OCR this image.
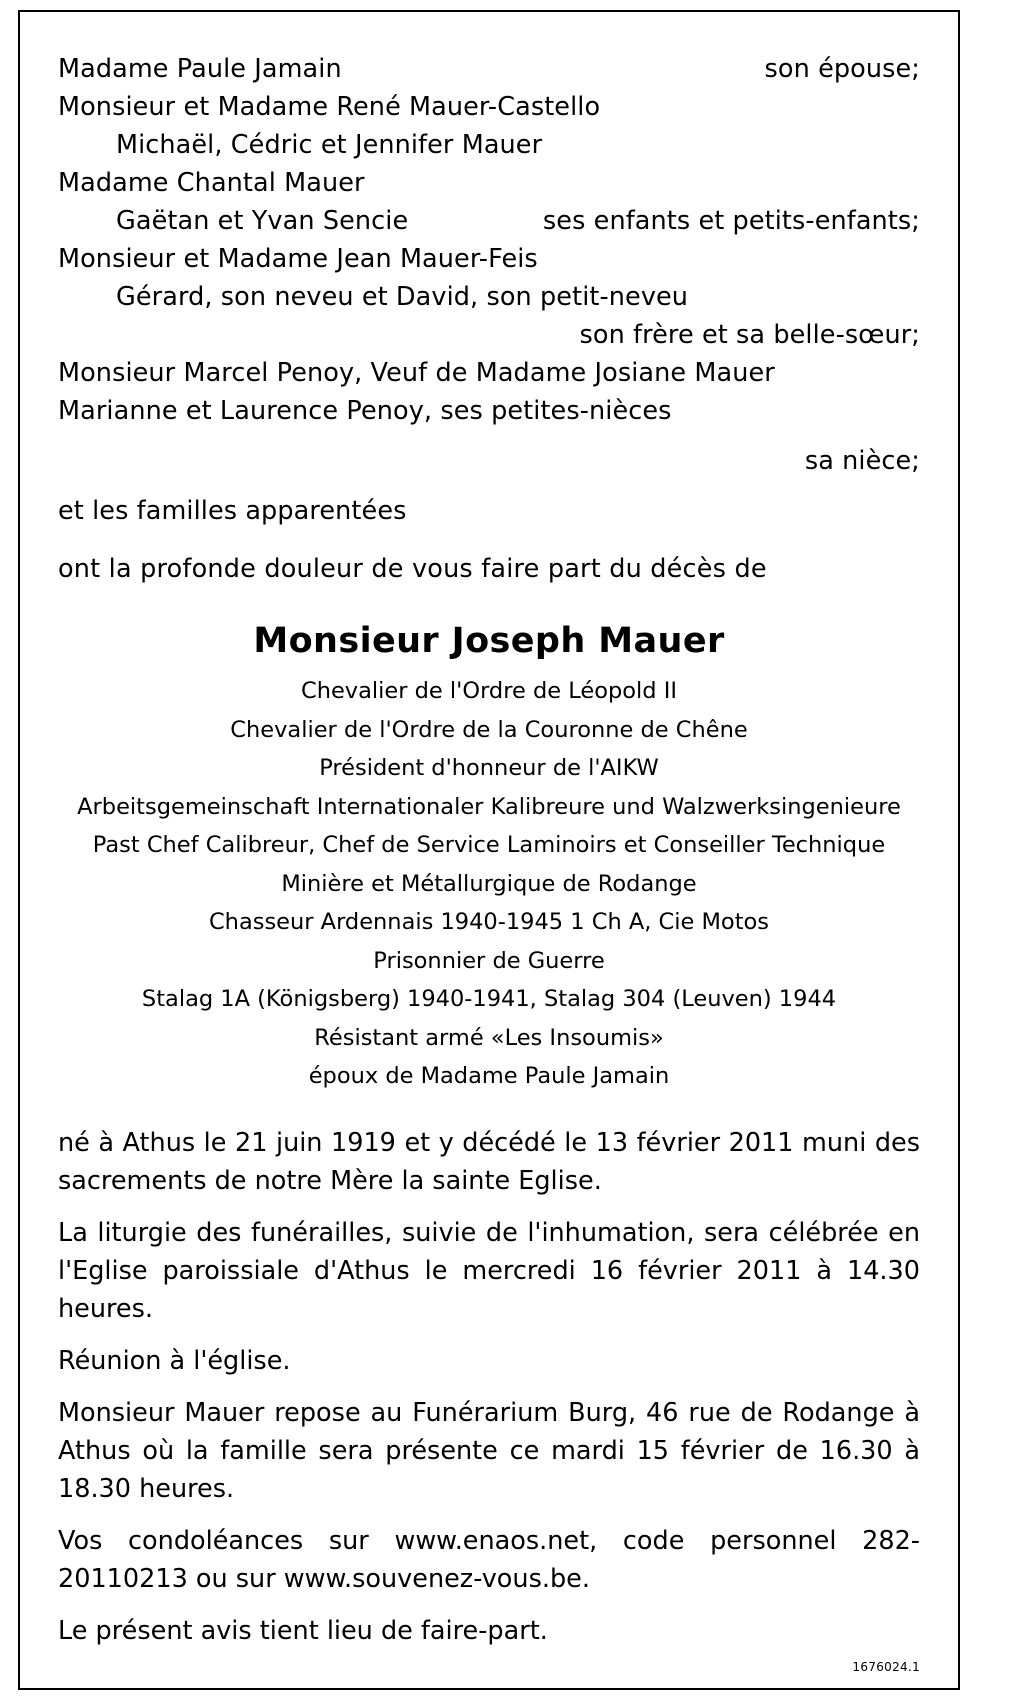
Madame Paule Jamain	son épouse;
Monsieur et Madame René Mauer-Castello
Michaël, Cédric et Jennifer Mauer
Madame Chantal Mauer
Gaëtan et Yvan Sencie	ses enfants et petits-enfants;
Monsieur et Madame Jean Mauer-Feis
Gérard, son neveu et David, son petit-neveu
son frère et sa belle-sœur;
Monsieur Marcel Penoy, Veuf de Madame Josiane Mauer
Marianne et Laurence Penoy, ses petites-nièces
sa nièce;
et les familles apparentées
ont la profonde douleur de vous faire part du décès de
Monsieur Joseph Mauer
Chevalier de l'Ordre de Léopold II
Chevalier de l'Ordre de la Couronne de Chêne
Président d'honneur de l'AIKW
Arbeitsgemeinschaft Internationaler Kalibreure und Walzwerksingenieure
Past Chef Calibreur, Chef de Service Laminoirs et Conseiller Technique
Minière et Métallurgique de Rodange
Chasseur Ardennais 1940-1945 1 Ch A, Cie Motos
Prisonnier de Guerre
Stalag 1A (Königsberg) 1940-1941, Stalag 304 (Leuven) 1944
Résistant armé «Les Insoumis»
époux de Madame Paule Jamain

né à Athus le 21 juin 1919 et y décédé le 13 février 2011 muni des sacrements de notre Mère la sainte Eglise.

La liturgie des funérailles, suivie de l'inhumation, sera célébrée en l'Eglise paroissiale d'Athus le mercredi 16 février 2011 à 14.30 heures.

Réunion à l'église.

Monsieur Mauer repose au Funérarium Burg, 46 rue de Rodange à Athus où la famille sera présente ce mardi 15 février de 16.30 à 18.30 heures.

Vos condoléances sur www.enaos.net, code personnel 282-20110213 ou sur www.souvenez-vous.be.

Le présent avis tient lieu de faire-part.

1676024.1
